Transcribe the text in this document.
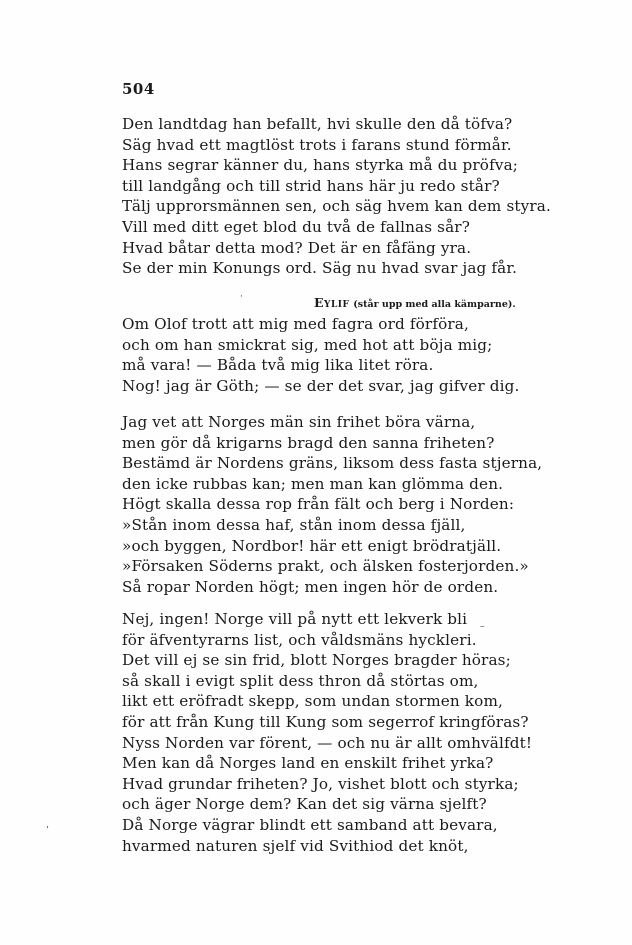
504
Den landtdag han befallt, hvi skulle den då töfva?
Säg hvad ett magtlöst trots i farans stund förmår.
Hans segrar känner du, hans styrka må du pröfva;
till landgång och till strid hans här ju redo står?
Tälj upprorsmännen sen, och säg hvem kan dem styra.
Vill med ditt eget blod du två de fallnas sår?
Hvad båtar detta mod? Det är en fåfäng yra.
Se der min Konungs ord. Säg nu hvad svar jag får.
Eylif (står upp med alla kämparne).
Om Olof trott att mig med fagra ord förföra,
och om han smickrat sig, med hot att böja mig;
må vara! — Båda två mig lika litet röra.
Nog! jag är Göth; — se der det svar, jag gifver dig.
Jag vet att Norges män sin frihet böra värna,
men gör då krigarns bragd den sanna friheten?
Bestämd är Nordens gräns, liksom dess fasta stjerna,
den icke rubbas kan; men man kan glömma den.
Högt skalla dessa rop från fält och berg i Norden:
»Stån inom dessa haf, stån inom dessa fjäll,
»och byggen, Nordbor! här ett enigt brödratjäll.
»Försaken Söderns prakt, och älsken fosterjorden.»
Så ropar Norden högt; men ingen hör de orden.
Nej, ingen! Norge vill på nytt ett lekverk bli
för äfventyrarns list, och våldsmäns hyckleri.
Det vill ej se sin frid, blott Norges bragder höras;
så skall i evigt split dess thron då störtas om,
likt ett eröfradt skepp, som undan stormen kom,
för att från Kung till Kung som segerrof kringföras?
Nyss Norden var förent, — och nu är allt omhvälfdt!
Men kan då Norges land en enskilt frihet yrka?
Hvad grundar friheten? Jo, vishet blott och styrka;
och äger Norge dem? Kan det sig värna sjelft?
Då Norge vägrar blindt ett samband att bevara,
hvarmed naturen sjelf vid Svithiod det knöt,
’
·
–
